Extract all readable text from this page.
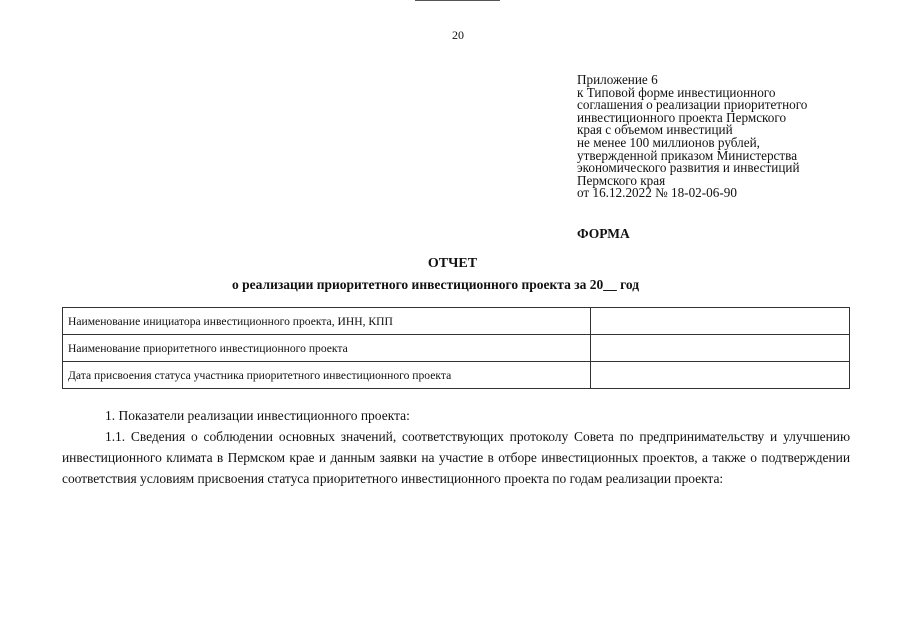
20
Приложение 6
к Типовой форме инвестиционного
соглашения о реализации приоритетного
инвестиционного проекта Пермского
края с объемом инвестиций
не менее 100 миллионов рублей,
утвержденной приказом Министерства
экономического развития и инвестиций
Пермского края
от 16.12.2022 № 18-02-06-90
ФОРМА
ОТЧЕТ
о реализации приоритетного инвестиционного проекта за 20__ год
Наименование инициатора инвестиционного проекта, ИНН, КПП	
Наименование приоритетного инвестиционного проекта	
Дата присвоения статуса участника приоритетного инвестиционного проекта	
1. Показатели реализации инвестиционного проекта:
1.1. Сведения о соблюдении основных значений, соответствующих протоколу Совета по предпринимательству и улучшению инвестиционного климата в Пермском крае и данным заявки на участие в отборе инвестиционных проектов, а также о подтверждении соответствия условиям присвоения статуса приоритетного инвестиционного проекта по годам реализации проекта:
